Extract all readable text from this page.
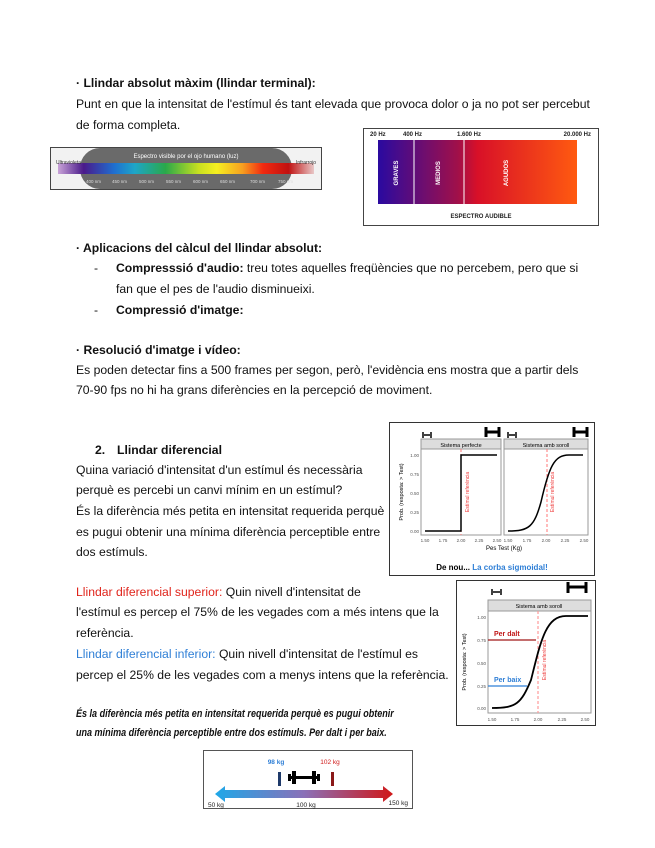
· Llindar absolut màxim (llindar terminal):
Punt en que la intensitat de l'estímul és tant elevada que provoca dolor o ja no pot ser percebut
de forma completa.
Espectro visible por el ojo humano (luz)
Ultravioleta	Infrarrojo
400 nm 450 nm	500 nm	550 nm	600 nm	650 nm	700 nm	750 nm
20 Hz	400 Hz	1.600 Hz	20.000 Hz
GRAVES	MEDIOS	AGUDOS
ESPECTRO AUDIBLE
· Aplicacions del càlcul del llindar absolut:
- Compresssió d'audio: treu totes aquelles freqüències que no percebem, pero que si
fan que el pes de l'audio disminueixi.
- Compressió d'imatge:
· Resolució d'imatge i vídeo:
Es poden detectar fins a 500 frames per segon, però, l'evidència ens mostra que a partir dels
70-90 fps no hi ha grans diferències en la percepció de moviment.
2. Llindar diferencial
Quina variació d'intensitat d'un estímul és necessària
perquè es percebi un canvi mínim en un estímul?
És la diferència més petita en intensitat requerida perquè
es pugui obtenir una mínima diferència perceptible entre
dos estímuls.
Sistema perfecte	Sistema amb soroll
Estímul referència	Estímul referència
Prob. (resposta: > Test)
0.00
0.25
0.50
0.75
1.00
1.50 1.75 2.00 2.25 2.50 1.50 1.75 2.00 2.25 2.50
Pes Test (Kg)
De nou... La corba sigmoidal!
Llindar diferencial superior: Quin nivell d'intensitat de
l'estímul es percep el 75% de les vegades com a més intens que la
referència.
Llindar diferencial inferior: Quin nivell d'intensitat de l'estímul es
percep el 25% de les vegades com a menys intens que la referència.
És la diferència més petita en intensitat requerida perquè es pugui obtenir
una mínima diferència perceptible entre dos estímuls. Per dalt i per baix.
Sistema amb soroll
Per dalt
Per baix
Estímul referència
Prob. (resposta: > Test)
0.00
0.25
0.50
0.75
1.00
1.50	1.75	2.00	2.25	2.50
98 kg	102 kg
50 kg	100 kg	150 kg
